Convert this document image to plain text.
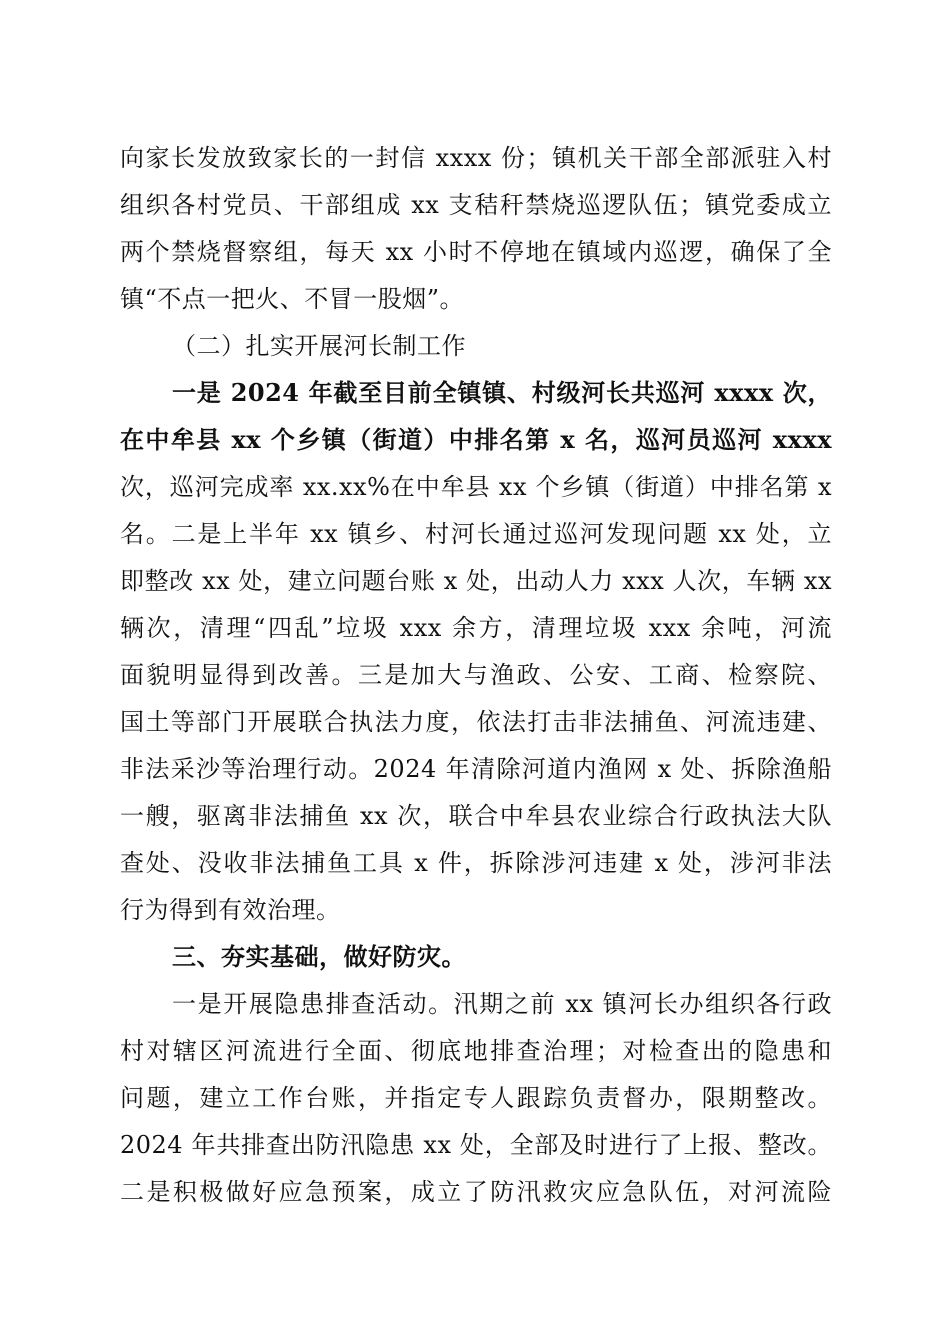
向家长发放致家长的一封信 xxxx 份；镇机关干部全部派驻入村
组织各村党员、干部组成 xx 支秸秆禁烧巡逻队伍；镇党委成立
两个禁烧督察组，每天 xx 小时不停地在镇域内巡逻，确保了全
镇“不点一把火、不冒一股烟”。
（二）扎实开展河长制工作
一是 2024 年截至目前全镇镇、村级河长共巡河 xxxx 次，
在中牟县 xx 个乡镇（街道）中排名第 x 名，巡河员巡河 xxxx
次，巡河完成率 xx.xx%在中牟县 xx 个乡镇（街道）中排名第 x
名。二是上半年 xx 镇乡、村河长通过巡河发现问题 xx 处，立
即整改 xx 处，建立问题台账 x 处，出动人力 xxx 人次，车辆 xx
辆次，清理“四乱”垃圾 xxx 余方，清理垃圾 xxx 余吨，河流
面貌明显得到改善。三是加大与渔政、公安、工商、检察院、
国土等部门开展联合执法力度，依法打击非法捕鱼、河流违建、
非法采沙等治理行动。2024 年清除河道内渔网 x 处、拆除渔船
一艘，驱离非法捕鱼 xx 次，联合中牟县农业综合行政执法大队
查处、没收非法捕鱼工具 x 件，拆除涉河违建 x 处，涉河非法
行为得到有效治理。
三、夯实基础，做好防灾。
一是开展隐患排查活动。汛期之前 xx 镇河长办组织各行政
村对辖区河流进行全面、彻底地排查治理；对检查出的隐患和
问题，建立工作台账，并指定专人跟踪负责督办，限期整改。
2024 年共排查出防汛隐患 xx 处，全部及时进行了上报、整改。
二是积极做好应急预案，成立了防汛救灾应急队伍，对河流险
